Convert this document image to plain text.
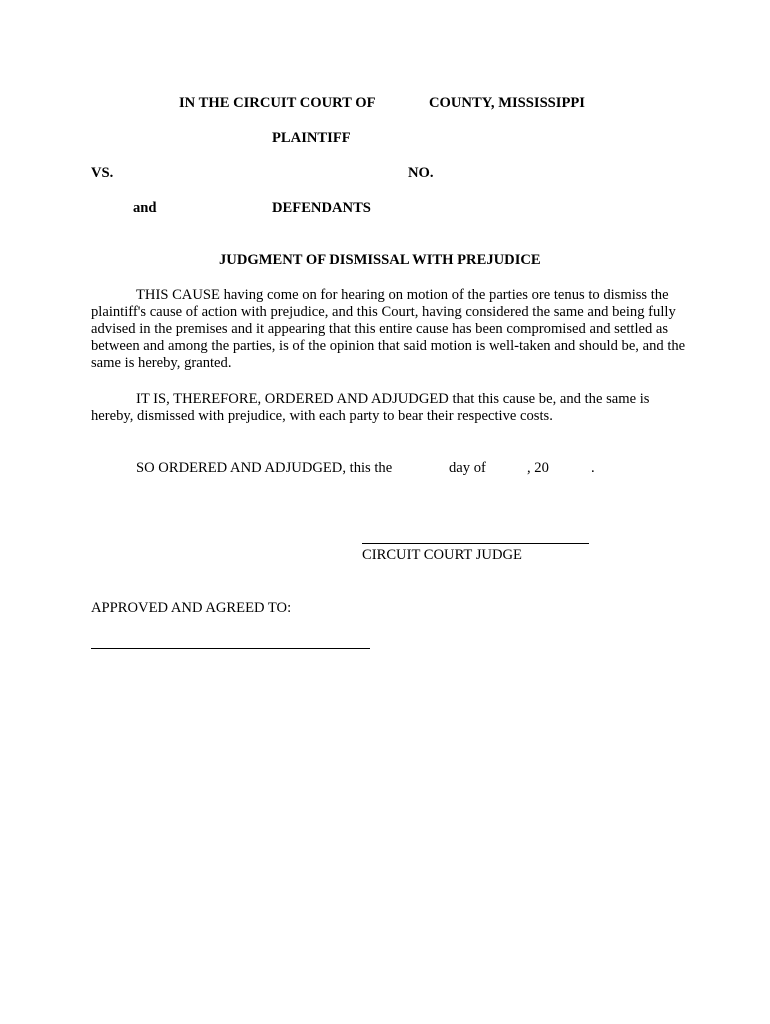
IN THE CIRCUIT COURT OF	COUNTY, MISSISSIPPI
PLAINTIFF
VS.	NO.
and	DEFENDANTS
JUDGMENT OF DISMISSAL WITH PREJUDICE
THIS CAUSE having come on for hearing on motion of the parties ore tenus to dismiss the plaintiff's cause of action with prejudice, and this Court, having considered the same and being fully advised in the premises and it appearing that this entire cause has been compromised and settled as between and among the parties, is of the opinion that said motion is well-taken and should be, and the same is hereby, granted.
IT IS, THEREFORE, ORDERED AND ADJUDGED that this cause be, and the same is hereby, dismissed with prejudice, with each party to bear their respective costs.
SO ORDERED AND ADJUDGED, this the	day of	, 20	.
CIRCUIT COURT JUDGE
APPROVED AND AGREED TO:
